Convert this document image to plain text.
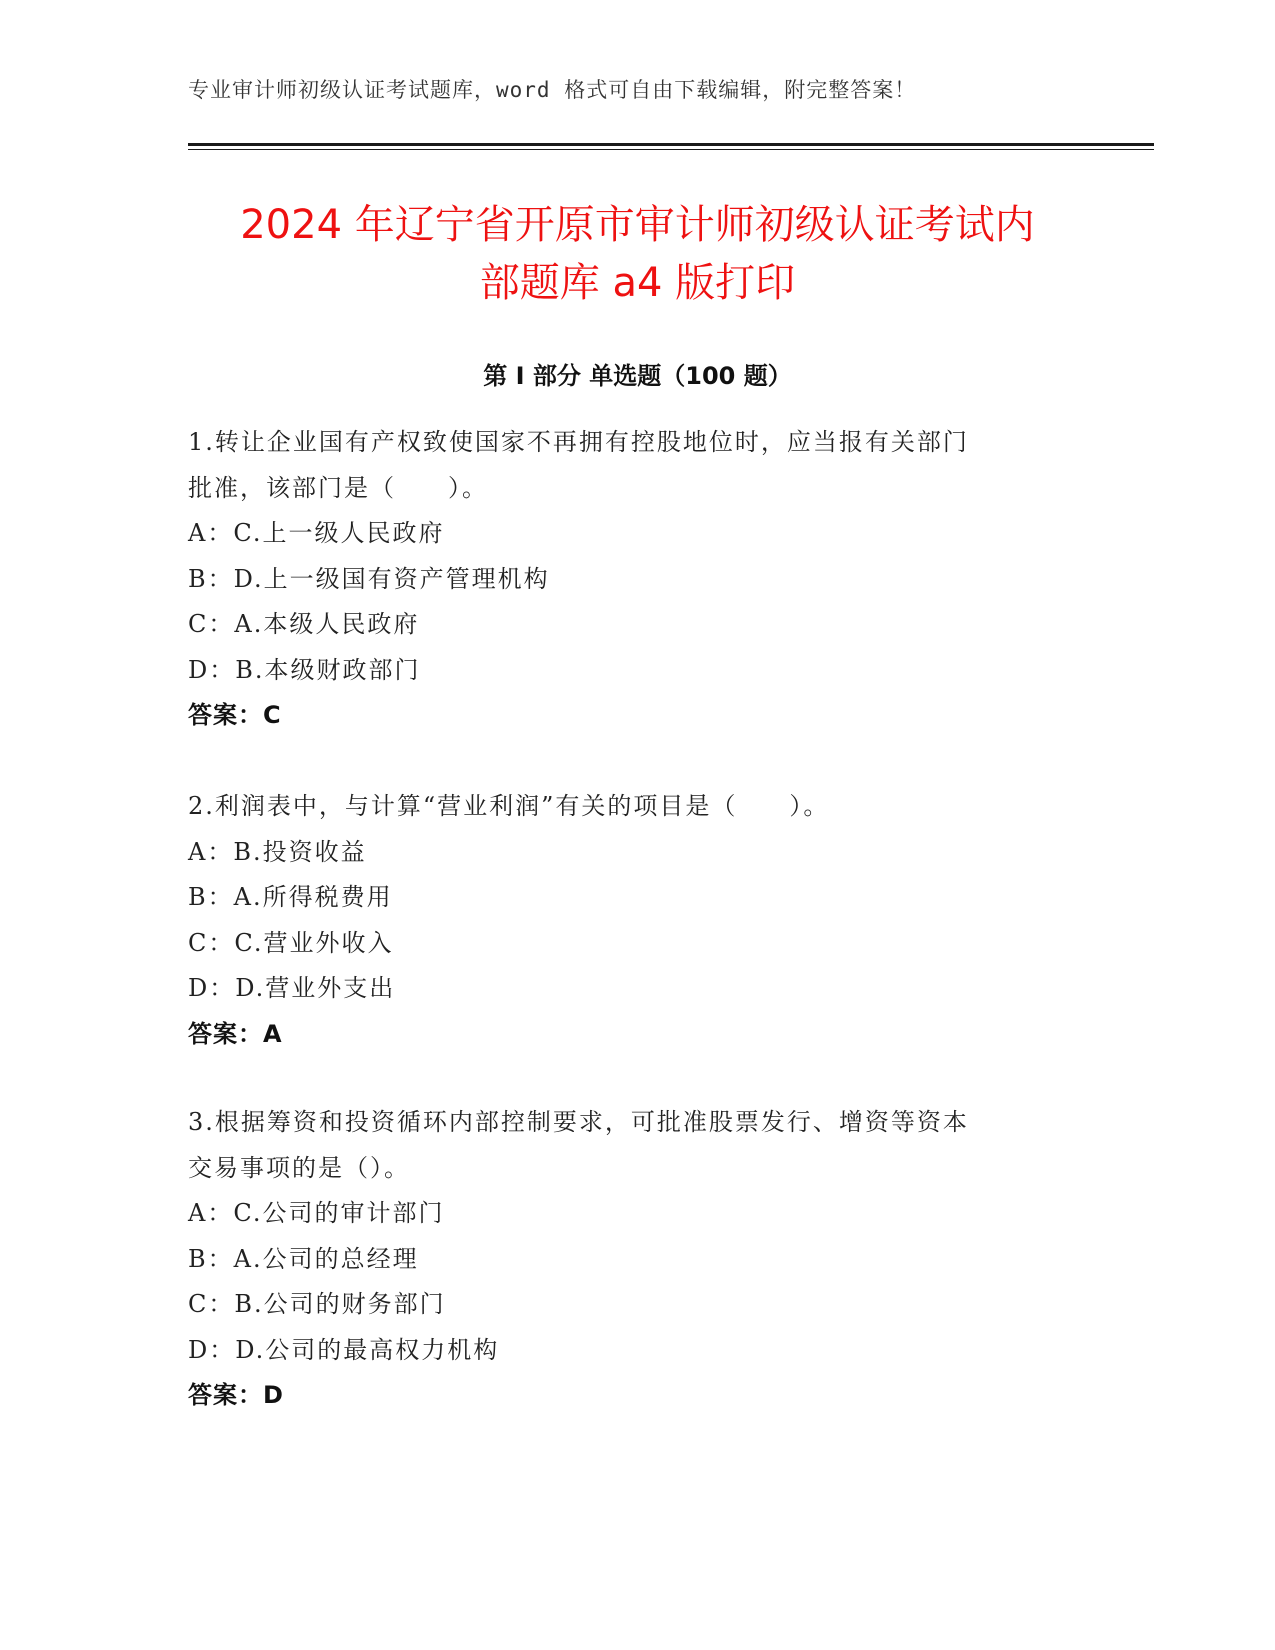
专业审计师初级认证考试题库，word 格式可自由下载编辑，附完整答案！
2024 年辽宁省开原市审计师初级认证考试内
部题库 a4 版打印
第 I 部分 单选题（100 题）
1.转让企业国有产权致使国家不再拥有控股地位时，应当报有关部门
批准，该部门是（　　）。
A：C.上一级人民政府
B：D.上一级国有资产管理机构
C：A.本级人民政府
D：B.本级财政部门
答案：C
2.利润表中，与计算“营业利润”有关的项目是（　　）。
A：B.投资收益
B：A.所得税费用
C：C.营业外收入
D：D.营业外支出
答案：A
3.根据筹资和投资循环内部控制要求，可批准股票发行、增资等资本
交易事项的是（）。
A：C.公司的审计部门
B：A.公司的总经理
C：B.公司的财务部门
D：D.公司的最高权力机构
答案：D
